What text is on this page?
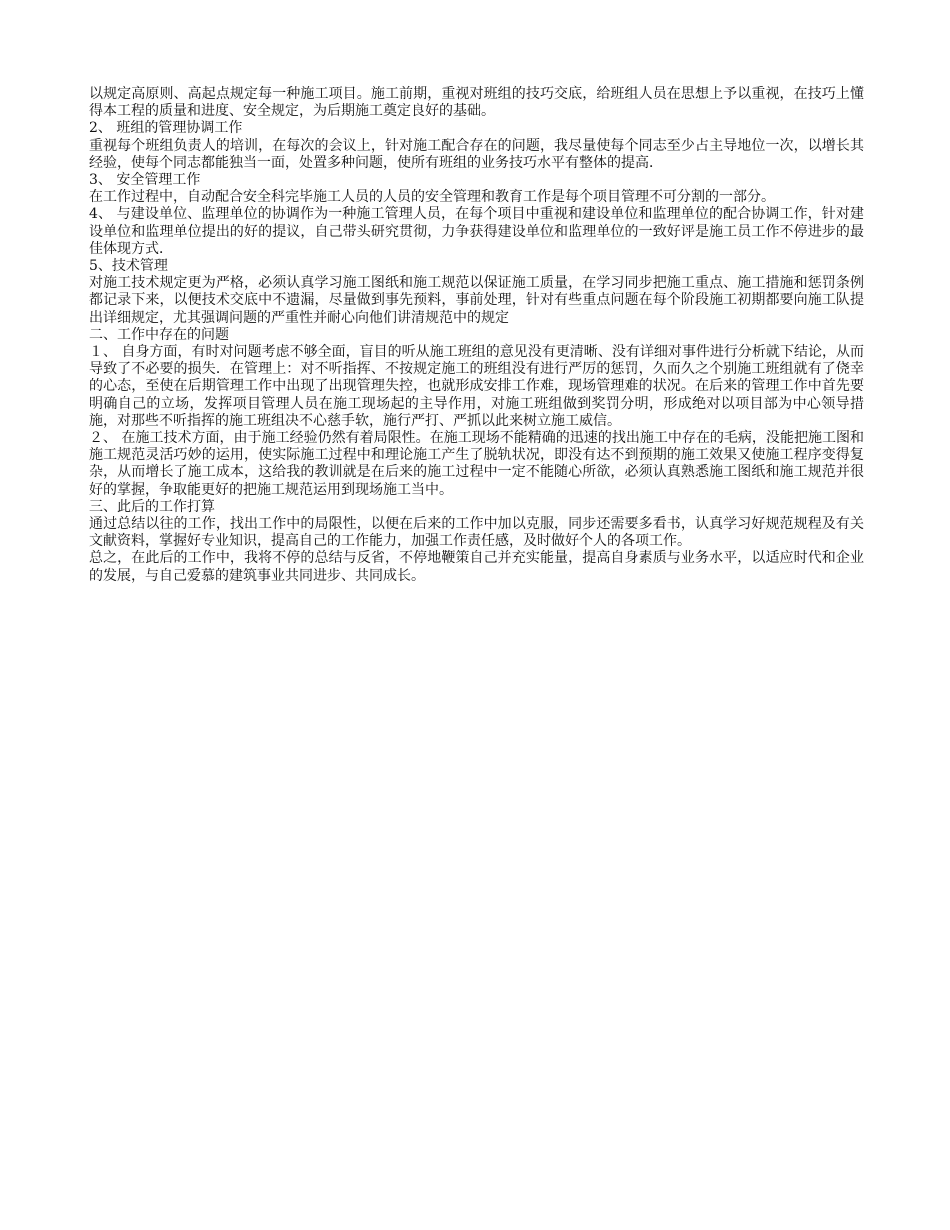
以规定高原则、高起点规定每一种施工项目。施工前期，重视对班组的技巧交底，给班组人员在思想上予以重视，在技巧上懂得本工程的质量和进度、安全规定，为后期施工奠定良好的基础。

2、 班组的管理协调工作

重视每个班组负责人的培训，在每次的会议上，针对施工配合存在的问题，我尽量使每个同志至少占主导地位一次，以增长其经验，使每个同志都能独当一面，处置多种问题，使所有班组的业务技巧水平有整体的提高．

3、 安全管理工作

在工作过程中，自动配合安全科完毕施工人员的人员的安全管理和教育工作是每个项目管理不可分割的一部分。

4、 与建设单位、监理单位的协调作为一种施工管理人员，在每个项目中重视和建设单位和监理单位的配合协调工作，针对建设单位和监理单位提出的好的提议，自己带头研究贯彻，力争获得建设单位和监理单位的一致好评是施工员工作不停进步的最佳体现方式．

5、技术管理

对施工技术规定更为严格，必须认真学习施工图纸和施工规范以保证施工质量，在学习同步把施工重点、施工措施和惩罚条例都记录下来，以便技术交底中不遗漏，尽量做到事先预料，事前处理，针对有些重点问题在每个阶段施工初期都要向施工队提出详细规定，尤其强调问题的严重性并耐心向他们讲清规范中的规定

二、工作中存在的问题

１、 自身方面，有时对问题考虑不够全面，盲目的听从施工班组的意见没有更清晰、没有详细对事件进行分析就下结论，从而导致了不必要的损失．在管理上：对不听指挥、不按规定施工的班组没有进行严厉的惩罚，久而久之个别施工班组就有了侥幸的心态，至使在后期管理工作中出现了出现管理失控，也就形成安排工作难，现场管理难的状况。在后来的管理工作中首先要明确自己的立场，发挥项目管理人员在施工现场起的主导作用，对施工班组做到奖罚分明，形成绝对以项目部为中心领导措施，对那些不听指挥的施工班组决不心慈手软，施行严打、严抓以此来树立施工威信。

２、 在施工技术方面，由于施工经验仍然有着局限性。在施工现场不能精确的迅速的找出施工中存在的毛病，没能把施工图和施工规范灵活巧妙的运用，使实际施工过程中和理论施工产生了脱轨状况，即没有达不到预期的施工效果又使施工程序变得复杂，从而增长了施工成本，这给我的教训就是在后来的施工过程中一定不能随心所欲，必须认真熟悉施工图纸和施工规范并很好的掌握，争取能更好的把施工规范运用到现场施工当中。

三、此后的工作打算

通过总结以往的工作，找出工作中的局限性，以便在后来的工作中加以克服，同步还需要多看书，认真学习好规范规程及有关文献资料，掌握好专业知识，提高自己的工作能力，加强工作责任感，及时做好个人的各项工作。

总之，在此后的工作中，我将不停的总结与反省，不停地鞭策自己并充实能量，提高自身素质与业务水平，以适应时代和企业的发展，与自己爱慕的建筑事业共同进步、共同成长。
